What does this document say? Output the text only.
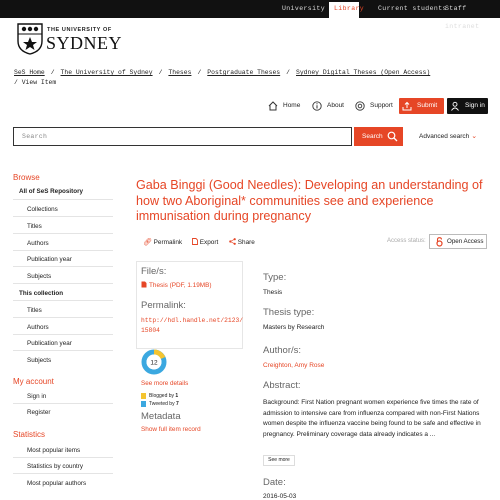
University	Library Current students
Staff intranet
THE UNIVERSITY OF
SYDNEY
SeS Home / The University of Sydney / Theses / Postgraduate Theses / Sydney Digital Theses (Open Access)
/ View Item
Home	About	Support	Submit	Sign in
Search	Search	Advanced search ⌄
Browse
All of SeS Repository
Collections
Titles
Authors
Publication year
Subjects
This collection
Titles
Authors
Publication year
Subjects
My account
Sign in
Register
Statistics
Most popular items
Statistics by country
Most popular authors
Gaba Binggi (Good Needles): Developing an understanding of how two Aboriginal* communities see and experience immunisation during pregnancy
🔗︎ Permalink	Export	Share	Access status:	Open Access
File/s:
Thesis (PDF, 1.19MB)
Permalink:
http://hdl.handle.net/2123/
15804
12
See more details
Blogged by 1
Tweeted by 7
Metadata
Show full item record
Type:
Thesis
Thesis type:
Masters by Research
Author/s:
Creighton, Amy Rose
Abstract:
Background: First Nation pregnant women experience five times the rate of admission to intensive care from influenza compared with non-First Nations women despite the influenza vaccine being found to be safe and effective in pregnancy. Preliminary coverage data already indicates a ...
See more
Date:
2016-05-03
